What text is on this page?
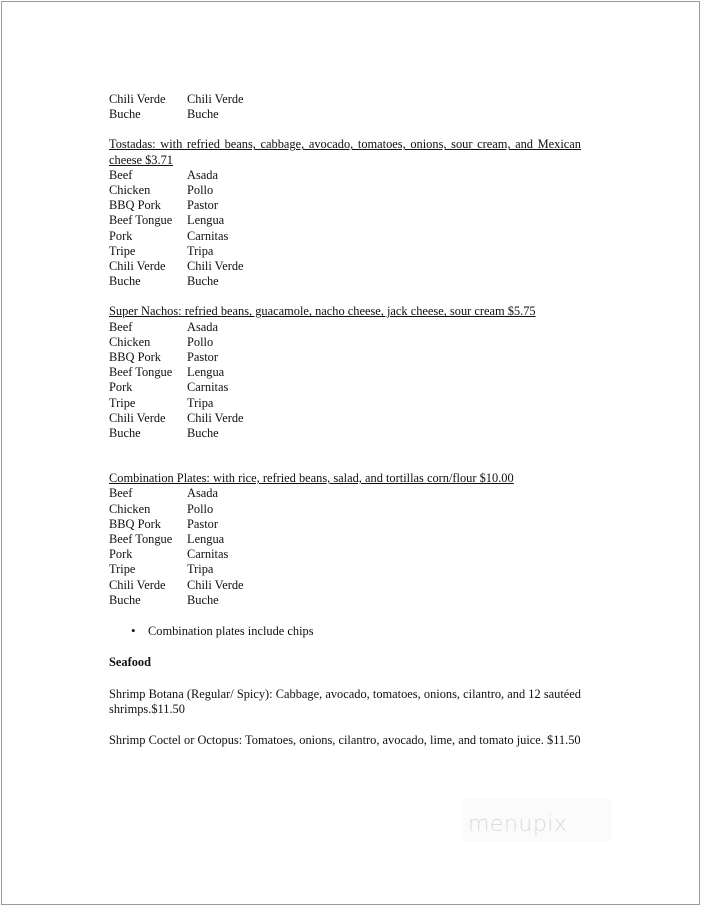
Chili Verde	Chili Verde
Buche	Buche
Tostadas: with refried beans, cabbage, avocado, tomatoes, onions, sour cream, and Mexican cheese $3.71
Beef	Asada
Chicken	Pollo
BBQ Pork	Pastor
Beef Tongue	Lengua
Pork	Carnitas
Tripe	Tripa
Chili Verde	Chili Verde
Buche	Buche
Super Nachos: refried beans, guacamole, nacho cheese, jack cheese, sour cream $5.75
Beef	Asada
Chicken	Pollo
BBQ Pork	Pastor
Beef Tongue	Lengua
Pork	Carnitas
Tripe	Tripa
Chili Verde	Chili Verde
Buche	Buche
Combination Plates: with rice, refried beans, salad, and tortillas corn/flour $10.00
Beef	Asada
Chicken	Pollo
BBQ Pork	Pastor
Beef Tongue	Lengua
Pork	Carnitas
Tripe	Tripa
Chili Verde	Chili Verde
Buche	Buche
• Combination plates include chips
Seafood
Shrimp Botana (Regular/ Spicy): Cabbage, avocado, tomatoes, onions, cilantro, and 12 sautéed shrimps.$11.50
Shrimp Coctel or Octopus: Tomatoes, onions, cilantro, avocado, lime, and tomato juice. $11.50
menupix
